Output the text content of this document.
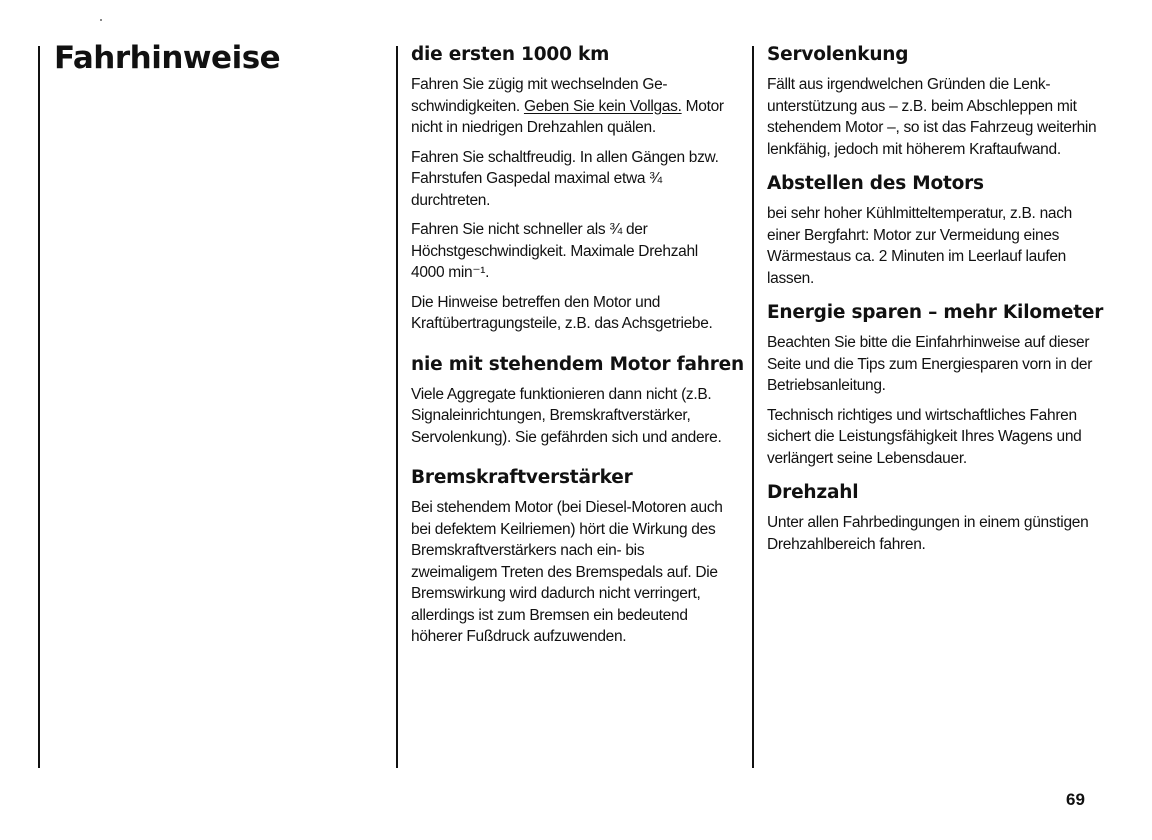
Fahrhinweise	die ersten 1000 km

Fahren Sie zügig mit wechselnden Geschwindigkeiten. Geben Sie kein Vollgas. Motor nicht in niedrigen Drehzahlen quälen.

Fahren Sie schaltfreudig. In allen Gängen bzw. Fahrstufen Gaspedal maximal etwa ¾ durchtreten.

Fahren Sie nicht schneller als ¾ der Höchstgeschwindigkeit. Maximale Drehzahl 4000 min⁻¹.

Die Hinweise betreffen den Motor und Kraftübertragungsteile, z.B. das Achsgetriebe.

nie mit stehendem Motor fahren

Viele Aggregate funktionieren dann nicht (z.B. Signaleinrichtungen, Bremskraftverstärker, Servolenkung). Sie gefährden sich und andere.

Bremskraftverstärker

Bei stehendem Motor (bei Diesel-Motoren auch bei defektem Keilriemen) hört die Wirkung des Bremskraftverstärkers nach ein- bis zweimaligem Treten des Bremspedals auf. Die Bremswirkung wird dadurch nicht verringert, allerdings ist zum Bremsen ein bedeutend höherer Fußdruck aufzuwenden.

Servolenkung

Fällt aus irgendwelchen Gründen die Lenkunterstützung aus – z.B. beim Abschleppen mit stehendem Motor –, so ist das Fahrzeug weiterhin lenkfähig, jedoch mit höherem Kraftaufwand.

Abstellen des Motors

bei sehr hoher Kühlmitteltemperatur, z.B. nach einer Bergfahrt: Motor zur Vermeidung eines Wärmestaus ca. 2 Minuten im Leerlauf laufen lassen.

Energie sparen – mehr Kilometer

Beachten Sie bitte die Einfahrhinweise auf dieser Seite und die Tips zum Energiesparen vorn in der Betriebsanleitung.

Technisch richtiges und wirtschaftliches Fahren sichert die Leistungsfähigkeit Ihres Wagens und verlängert seine Lebensdauer.

Drehzahl

Unter allen Fahrbedingungen in einem günstigen Drehzahlbereich fahren.

69
